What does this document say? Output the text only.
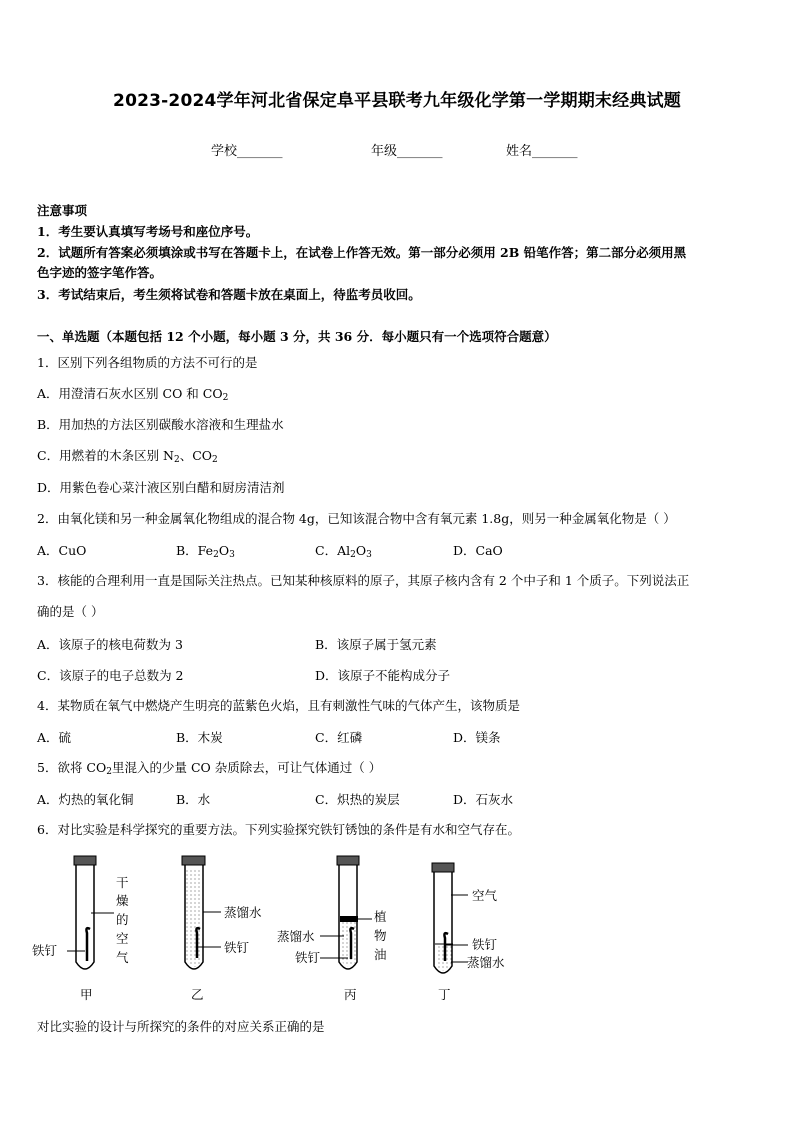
2023-2024学年河北省保定阜平县联考九年级化学第一学期期末经典试题
学校_______	年级_______	姓名_______
注意事项
1．考生要认真填写考场号和座位序号。
2．试题所有答案必须填涂或书写在答题卡上，在试卷上作答无效。第一部分必须用 2B 铅笔作答；第二部分必须用黑
色字迹的签字笔作答。
3．考试结束后，考生须将试卷和答题卡放在桌面上，待监考员收回。
一、单选题（本题包括 12 个小题，每小题 3 分，共 36 分．每小题只有一个选项符合题意）
1．区别下列各组物质的方法不可行的是
A．用澄清石灰水区别 CO 和 $CO_2$
B．用加热的方法区别碳酸水溶液和生理盐水
C．用燃着的木条区别 $N_2$、$CO_2$
D．用紫色卷心菜汁液区别白醋和厨房清洁剂
2．由氧化镁和另一种金属氧化物组成的混合物 4g，已知该混合物中含有氧元素 1.8g，则另一种金属氧化物是（ ）
A．CuO	B．$Fe_2O_3$	C．$Al_2O_3$	D．CaO
3．核能的合理利用一直是国际关注热点。已知某种核原料的原子，其原子核内含有 2 个中子和 1 个质子。下列说法正
确的是（ ）
A．该原子的核电荷数为 3	B．该原子属于氢元素
C．该原子的电子总数为 2	D．该原子不能构成分子
4．某物质在氧气中燃烧产生明亮的蓝紫色火焰，且有刺激性气味的气体产生，该物质是
A．硫	B．木炭	C．红磷	D．镁条
5．欲将 $CO_2$里混入的少量 CO 杂质除去，可让气体通过（ ）
A．灼热的氧化铜	B．水	C．炽热的炭层	D．石灰水
6．对比实验是科学探究的重要方法。下列实验探究铁钉锈蚀的条件是有水和空气存在。
铁钉
干
燥
的
空
气
甲
蒸馏水
铁钉
乙
蒸馏水
铁钉
植
物
油
丙
空气
铁钉
蒸馏水
丁
对比实验的设计与所探究的条件的对应关系正确的是
